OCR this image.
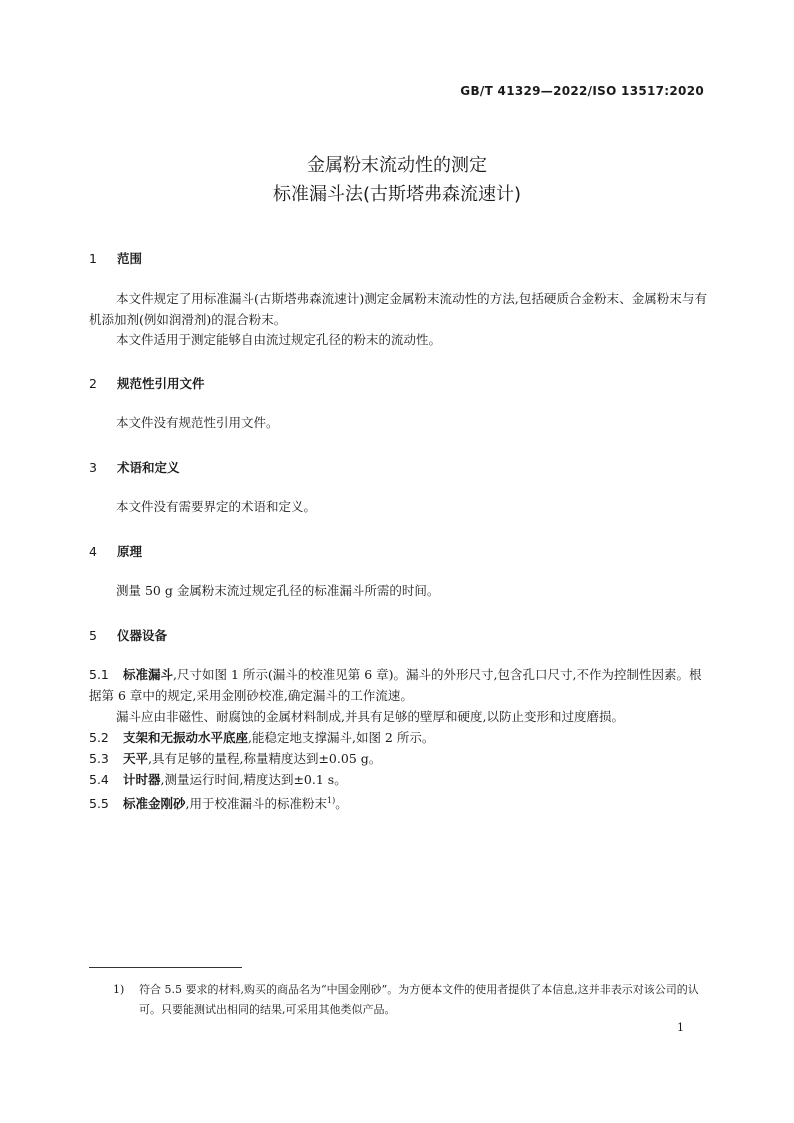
GB/T 41329—2022/ISO 13517:2020
金属粉末流动性的测定
标准漏斗法(古斯塔弗森流速计)
1 范围
本文件规定了用标准漏斗(古斯塔弗森流速计)测定金属粉末流动性的方法,包括硬质合金粉末、金属粉末与有机添加剂(例如润滑剂)的混合粉末。
本文件适用于测定能够自由流过规定孔径的粉末的流动性。
2 规范性引用文件
本文件没有规范性引用文件。
3 术语和定义
本文件没有需要界定的术语和定义。
4 原理
测量 50 g 金属粉末流过规定孔径的标准漏斗所需的时间。
5 仪器设备
5.1 标准漏斗,尺寸如图 1 所示(漏斗的校准见第 6 章)。漏斗的外形尺寸,包含孔口尺寸,不作为控制性因素。根据第 6 章中的规定,采用金刚砂校准,确定漏斗的工作流速。
漏斗应由非磁性、耐腐蚀的金属材料制成,并具有足够的壁厚和硬度,以防止变形和过度磨损。
5.2 支架和无振动水平底座,能稳定地支撑漏斗,如图 2 所示。
5.3 天平,具有足够的量程,称量精度达到±0.05 g。
5.4 计时器,测量运行时间,精度达到±0.1 s。
5.5 标准金刚砂,用于校准漏斗的标准粉末$^{1)}$。
1) 符合 5.5 要求的材料,购买的商品名为“中国金刚砂”。为方便本文件的使用者提供了本信息,这并非表示对该公司的认可。只要能测试出相同的结果,可采用其他类似产品。
1
